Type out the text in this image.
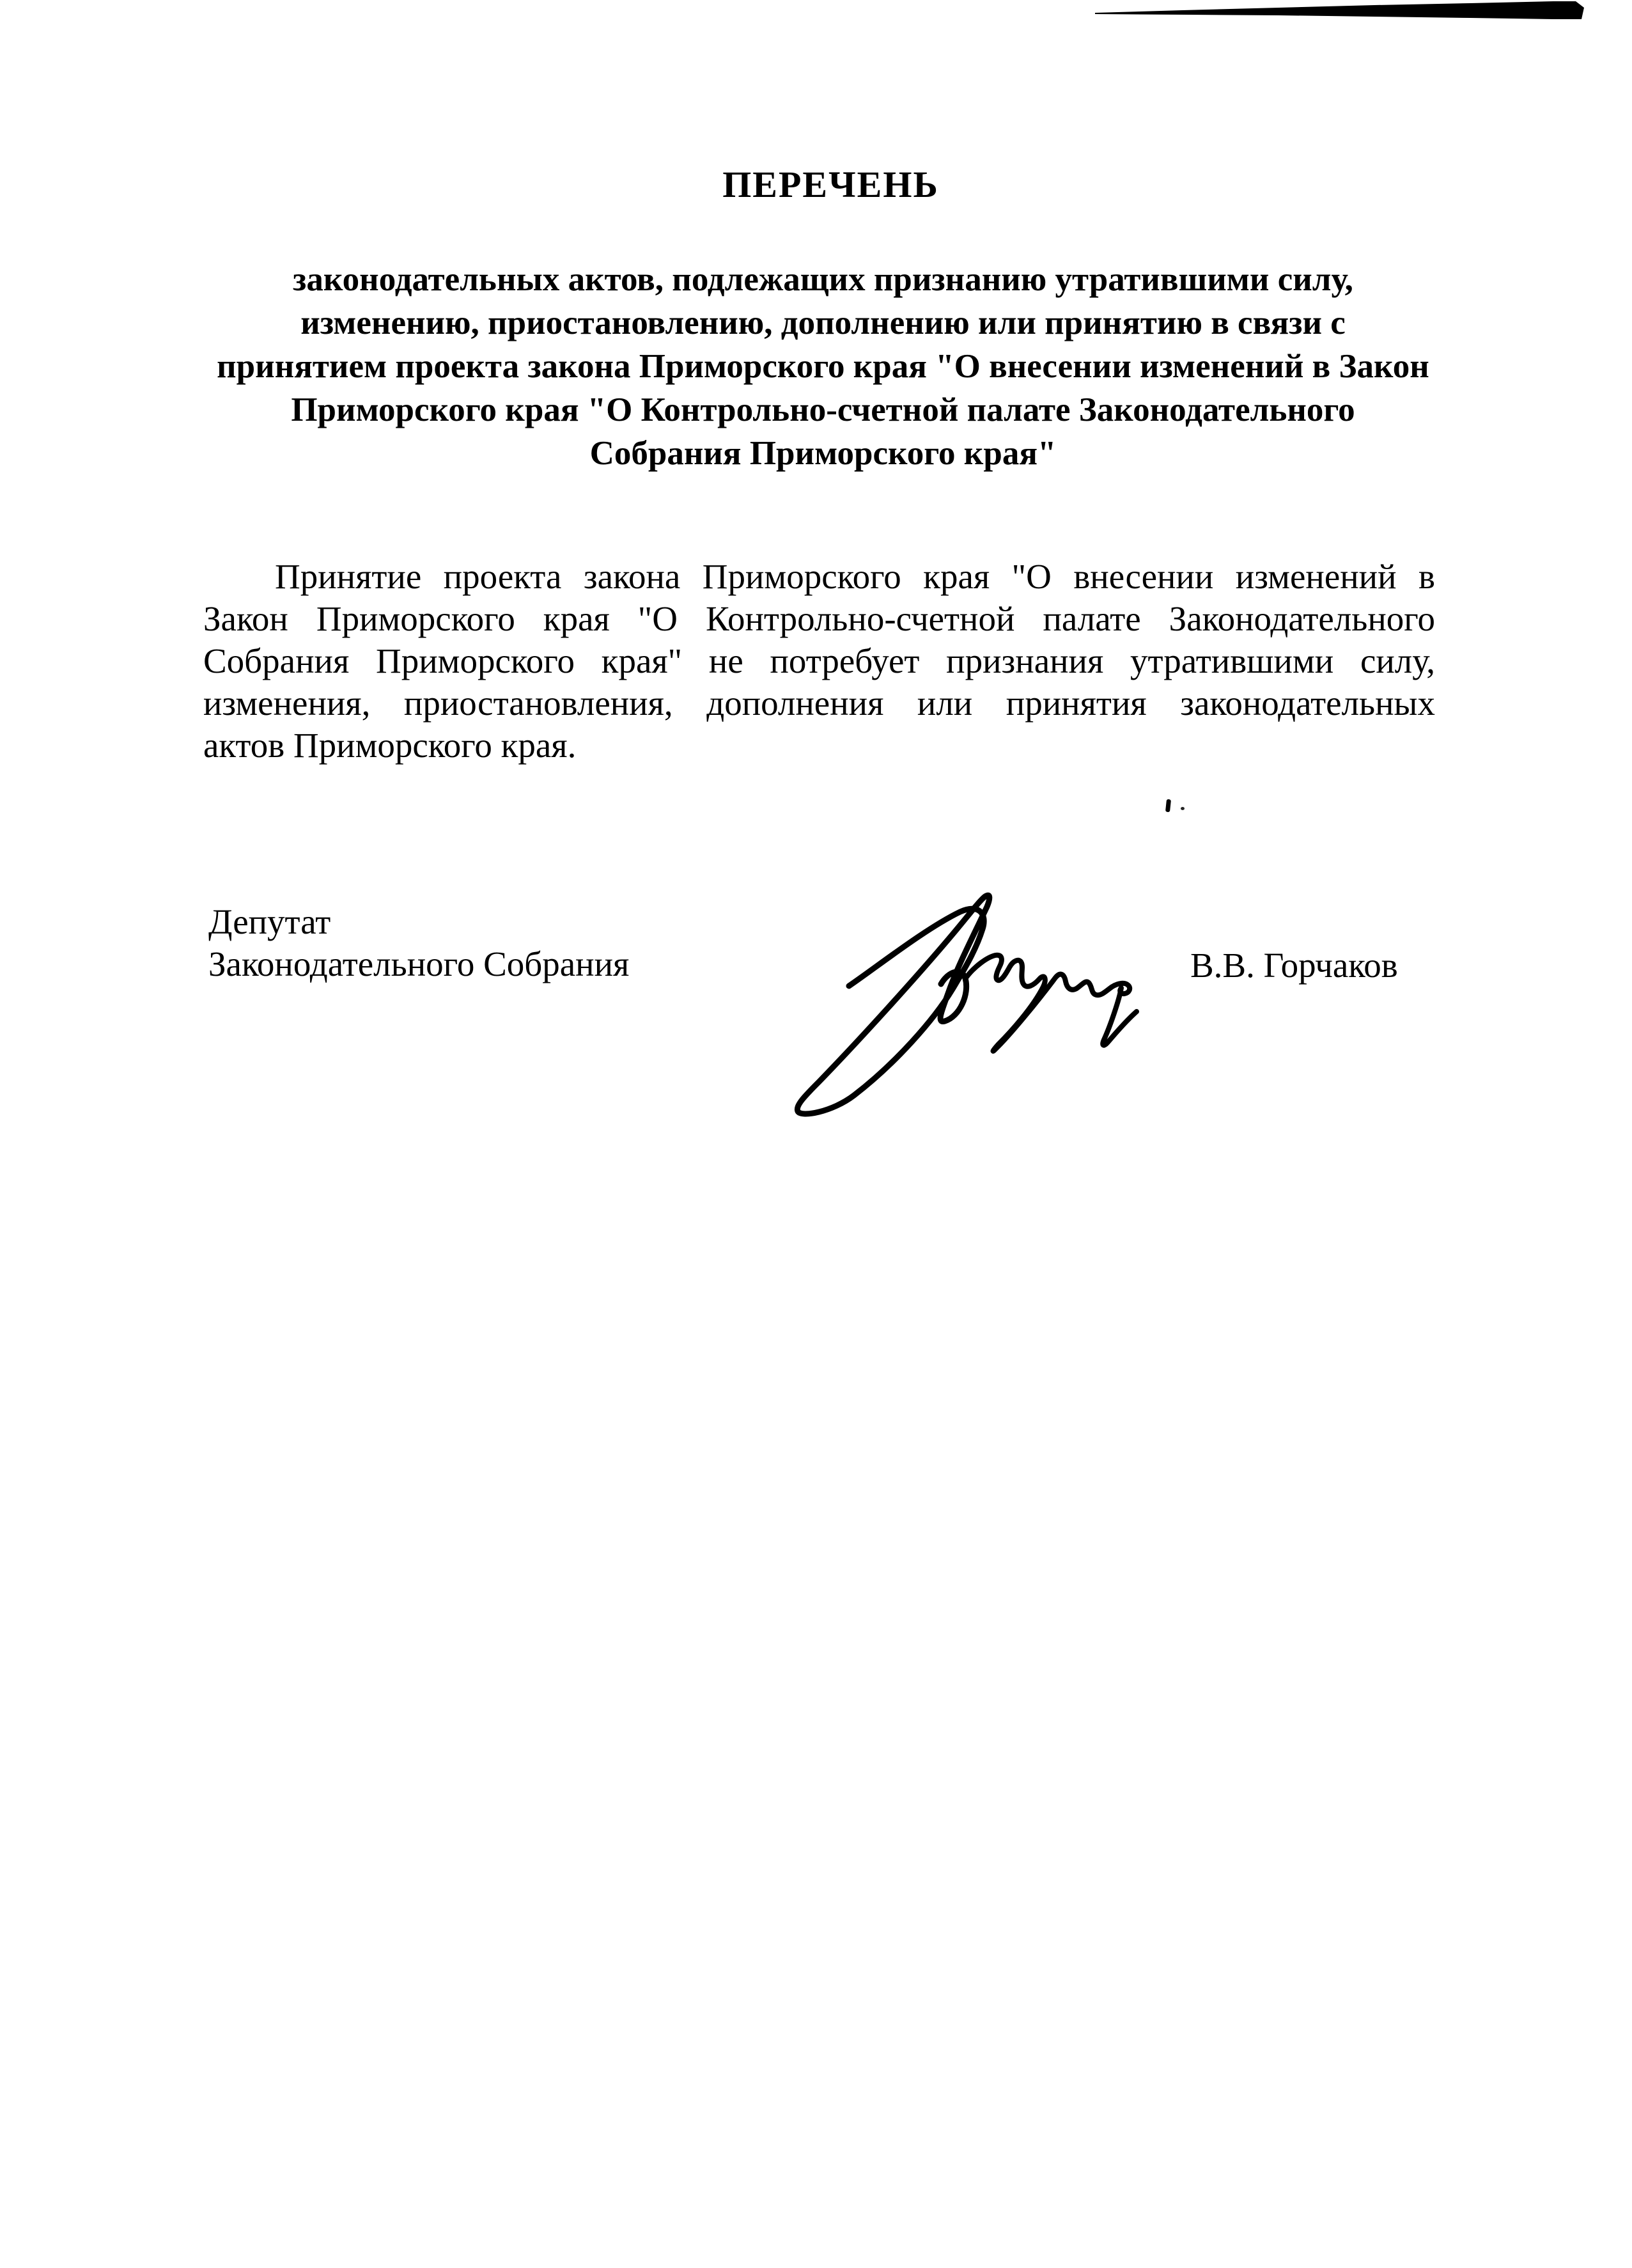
ПЕРЕЧЕНЬ
законодательных актов, подлежащих признанию утратившими силу,
изменению, приостановлению, дополнению или принятию в связи с
принятием проекта закона Приморского края "О внесении изменений в Закон
Приморского края "О Контрольно-счетной палате Законодательного
Собрания Приморского края"
Принятие проекта закона Приморского края "О внесении изменений в
Закон Приморского края "О Контрольно-счетной палате Законодательного
Собрания Приморского края" не потребует признания утратившими силу,
изменения, приостановления, дополнения или принятия законодательных
актов Приморского края.
Депутат
Законодательного Собрания	В.В. Горчаков
